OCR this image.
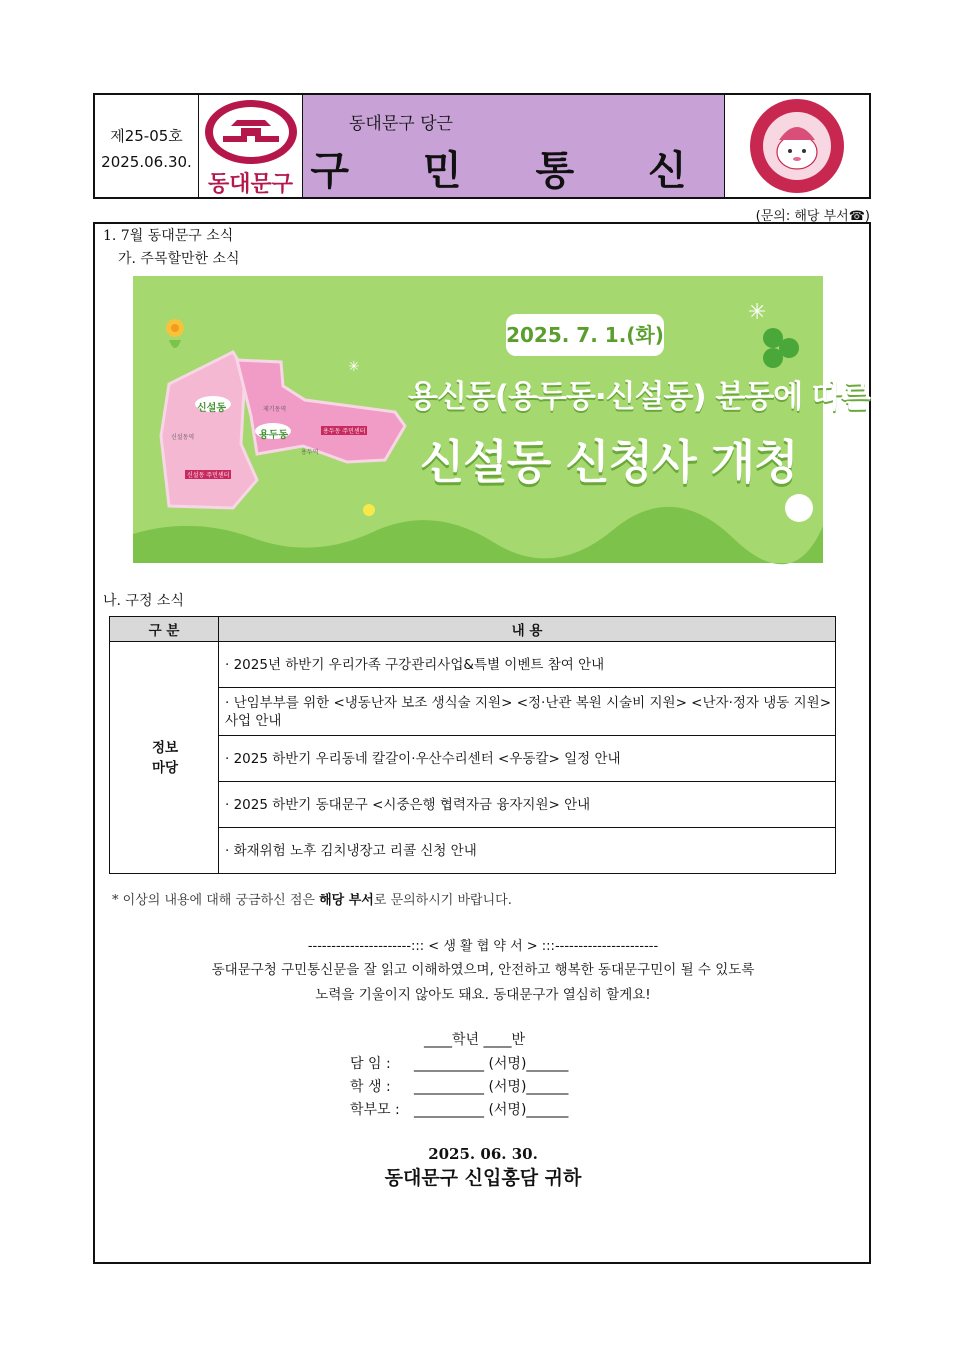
제25-05호
2025.06.30.
동대문구
동대문구 당근
구 민 통 신
(문의: 해당 부서☎)
1. 7월 동대문구 소식
가. 주목할만한 소식
✳
✳
신설동
용두동
신설동역
제기동역
용두역
신설동 주민센터
용두동 주민센터
2025. 7. 1.(화)
용신동(용두동·신설동) 분동에 따른
신설동 신청사 개청
나. 구정 소식
구 분	내 용
정보
마당	· 2025년 하반기 우리가족 구강관리사업&특별 이벤트 참여 안내
	· 난임부부를 위한 <냉동난자 보조 생식술 지원> <정·난관 복원 시술비 지원> <난자·정자 냉동 지원> 사업 안내
	· 2025 하반기 우리동네 칼갈이·우산수리센터 <우동칼> 일정 안내
	· 2025 하반기 동대문구 <시중은행 협력자금 융자지원> 안내
	· 화재위험 노후 김치냉장고 리콜 신청 안내
* 이상의 내용에 대해 궁금하신 점은 해당 부서로 문의하시기 바랍니다.
----------------------::: < 생 활 협 약 서 > :::----------------------
동대문구청 구민통신문을 잘 읽고 이해하였으며, 안전하고 행복한 동대문구민이 될 수 있도록
노력을 기울이지 않아도 돼요. 동대문구가 열심히 할게요!
____학년 ____반
담 임 : __________ (서명)______
학 생 : __________ (서명)______
학부모 : __________ (서명)______
2025. 06. 30.
동대문구 신입홍담 귀하
